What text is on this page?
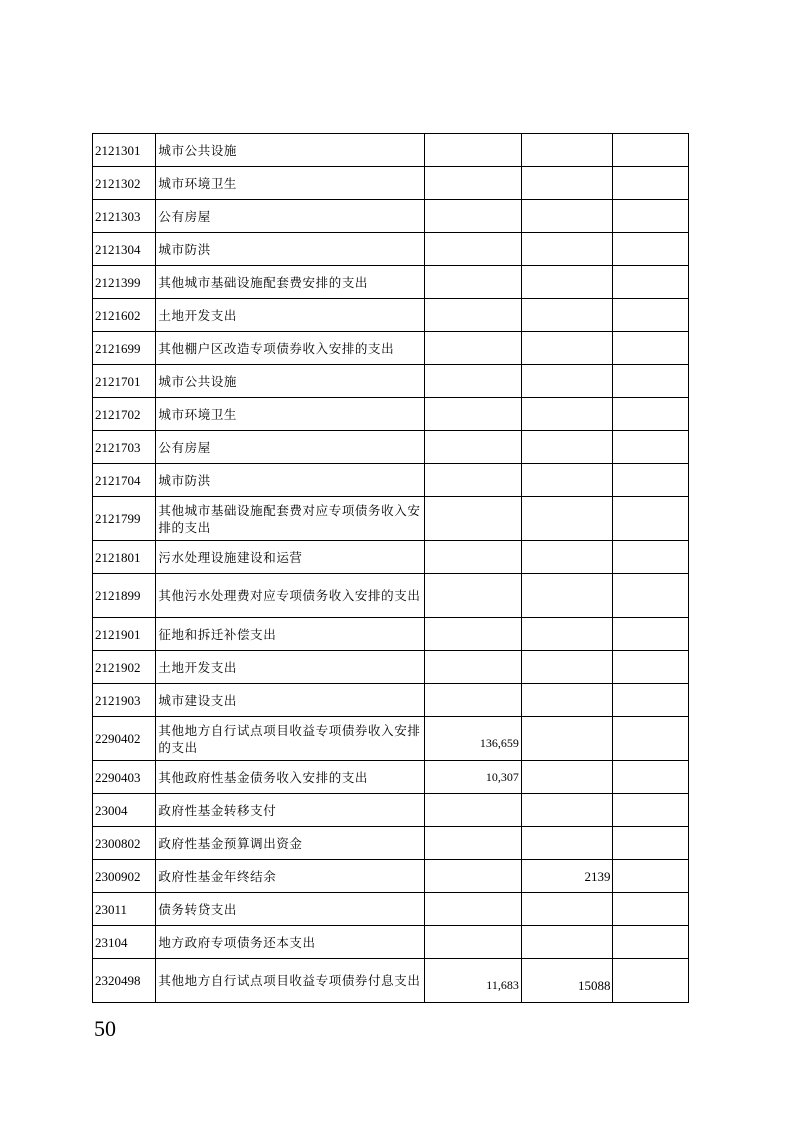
2121301	城市公共设施			
2121302	城市环境卫生			
2121303	公有房屋			
2121304	城市防洪			
2121399	其他城市基础设施配套费安排的支出			
2121602	土地开发支出			
2121699	其他棚户区改造专项债券收入安排的支出			
2121701	城市公共设施			
2121702	城市环境卫生			
2121703	公有房屋			
2121704	城市防洪			
2121799	其他城市基础设施配套费对应专项债务收入安排的支出			
2121801	污水处理设施建设和运营			
2121899	其他污水处理费对应专项债务收入安排的支出			
2121901	征地和拆迁补偿支出			
2121902	土地开发支出			
2121903	城市建设支出			
2290402	其他地方自行试点项目收益专项债券收入安排的支出	136,659		
2290403	其他政府性基金债务收入安排的支出	10,307		
23004	政府性基金转移支付			
2300802	政府性基金预算调出资金			
2300902	政府性基金年终结余		2139	
23011	债务转贷支出			
23104	地方政府专项债务还本支出			
2320498	其他地方自行试点项目收益专项债券付息支出	11,683	15088	
50
